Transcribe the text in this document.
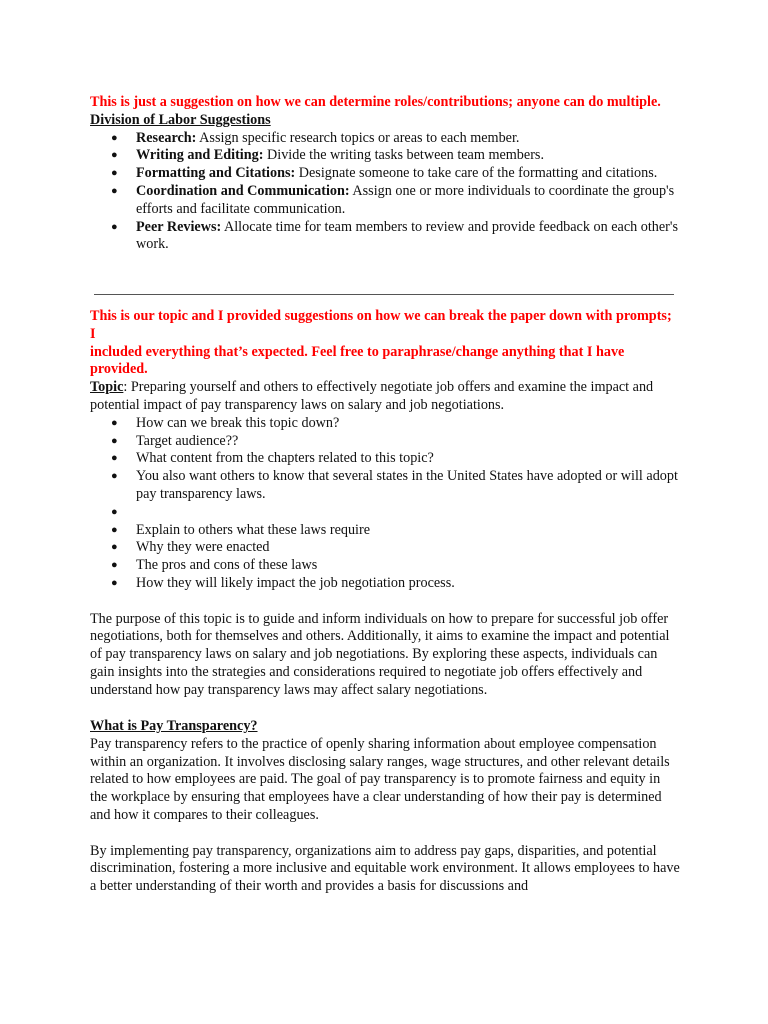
This is just a suggestion on how we can determine roles/contributions; anyone can do multiple.

Division of Labor Suggestions

● Research: Assign specific research topics or areas to each member.
● Writing and Editing: Divide the writing tasks between team members.
● Formatting and Citations: Designate someone to take care of the formatting and citations.
● Coordination and Communication: Assign one or more individuals to coordinate the group's efforts and facilitate communication.
● Peer Reviews: Allocate time for team members to review and provide feedback on each other's work.

This is our topic and I provided suggestions on how we can break the paper down with prompts; I

included everything that’s expected. Feel free to paraphrase/change anything that I have provided.

Topic: Preparing yourself and others to effectively negotiate job offers and examine the impact and potential impact of pay transparency laws on salary and job negotiations.

● How can we break this topic down?
● Target audience??
● What content from the chapters related to this topic?
● You also want others to know that several states in the United States have adopted or will adopt pay transparency laws.
●
● Explain to others what these laws require
● Why they were enacted
● The pros and cons of these laws
● How they will likely impact the job negotiation process.

The purpose of this topic is to guide and inform individuals on how to prepare for successful job offer negotiations, both for themselves and others. Additionally, it aims to examine the impact and potential of pay transparency laws on salary and job negotiations. By exploring these aspects, individuals can gain insights into the strategies and considerations required to negotiate job offers effectively and understand how pay transparency laws may affect salary negotiations.

What is Pay Transparency?

Pay transparency refers to the practice of openly sharing information about employee compensation within an organization. It involves disclosing salary ranges, wage structures, and other relevant details related to how employees are paid. The goal of pay transparency is to promote fairness and equity in the workplace by ensuring that employees have a clear understanding of how their pay is determined and how it compares to their colleagues.

By implementing pay transparency, organizations aim to address pay gaps, disparities, and potential discrimination, fostering a more inclusive and equitable work environment. It allows employees to have a better understanding of their worth and provides a basis for discussions and
